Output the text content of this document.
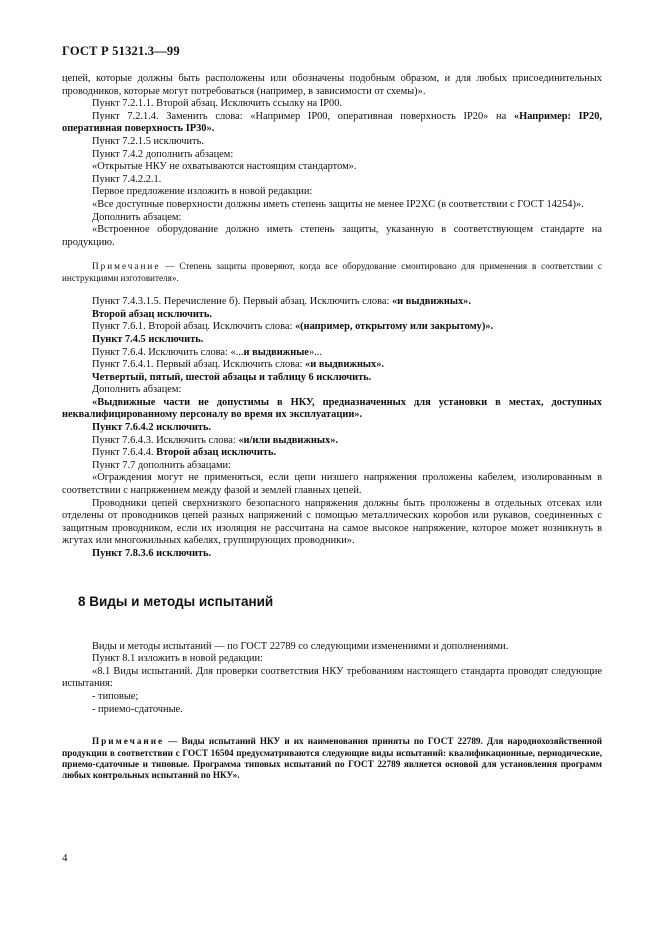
ГОСТ Р 51321.3—99

цепей, которые должны быть расположены или обозначены подобным образом, и для любых присоединительных проводников, которые могут потребоваться (например, в зависимости от схемы)».

Пункт 7.2.1.1. Второй абзац. Исключить ссылку на IP00.

Пункт 7.2.1.4. Заменить слова: «Например IP00, оперативная поверхность IP20» на «Например: IP20, оперативная поверхность IP30».

Пункт 7.2.1.5 исключить.

Пункт 7.4.2 дополнить абзацем:

«Открытые НКУ не охватываются настоящим стандартом».

Пункт 7.4.2.2.1.

Первое предложение изложить в новой редакции:

«Все доступные поверхности должны иметь степень защиты не менее IP2XC (в соответствии с ГОСТ 14254)».

Дополнить абзацем:

«Встроенное оборудование должно иметь степень защиты, указанную в соответствующем стандарте на продукцию.

Примечание — Степень защиты проверяют, когда все оборудование смонтировано для применения в соответствии с инструкциями изготовителя».

Пункт 7.4.3.1.5. Перечисление б). Первый абзац. Исключить слова: «и выдвижных».

Второй абзац исключить.

Пункт 7.6.1. Второй абзац. Исключить слова: «(например, открытому или закрытому)».

Пункт 7.4.5 исключить.

Пункт 7.6.4. Исключить слова: «...и выдвижные»...

Пункт 7.6.4.1. Первый абзац. Исключить слова: «и выдвижных».

Четвертый, пятый, шестой абзацы и таблицу 6 исключить.

Дополнить абзацем:

«Выдвижные части не допустимы в НКУ, предназначенных для установки в местах, доступных неквалифицированному персоналу во время их эксплуатации».

Пункт 7.6.4.2 исключить.

Пункт 7.6.4.3. Исключить слова: «и/или выдвижных».

Пункт 7.6.4.4. Второй абзац исключить.

Пункт 7.7 дополнить абзацами:

«Ограждения могут не применяться, если цепи низшего напряжения проложены кабелем, изолированным в соответствии с напряжением между фазой и землей главных цепей.

Проводники цепей сверхнизкого безопасного напряжения должны быть проложены в отдельных отсеках или отделены от проводников цепей разных напряжений с помощью металлических коробов или рукавов, соединенных с защитным проводником, если их изоляция не рассчитана на самое высокое напряжение, которое может возникнуть в жгутах или многожильных кабелях, группирующих проводники».

Пункт 7.8.3.6 исключить.

8 Виды и методы испытаний

Виды и методы испытаний — по ГОСТ 22789 со следующими изменениями и дополнениями.

Пункт 8.1 изложить в новой редакции:

«8.1 Виды испытаний. Для проверки соответствия НКУ требованиям настоящего стандарта проводят следующие испытания:

- типовые;

- приемо-сдаточные.

Примечание — Виды испытаний НКУ и их наименования приняты по ГОСТ 22789. Для народнохозяйственной продукции в соответствии с ГОСТ 16504 предусматриваются следующие виды испытаний: квалификационные, периодические, приемо-сдаточные и типовые. Программа типовых испытаний по ГОСТ 22789 является основой для установления программ любых контрольных испытаний по НКУ».

4
